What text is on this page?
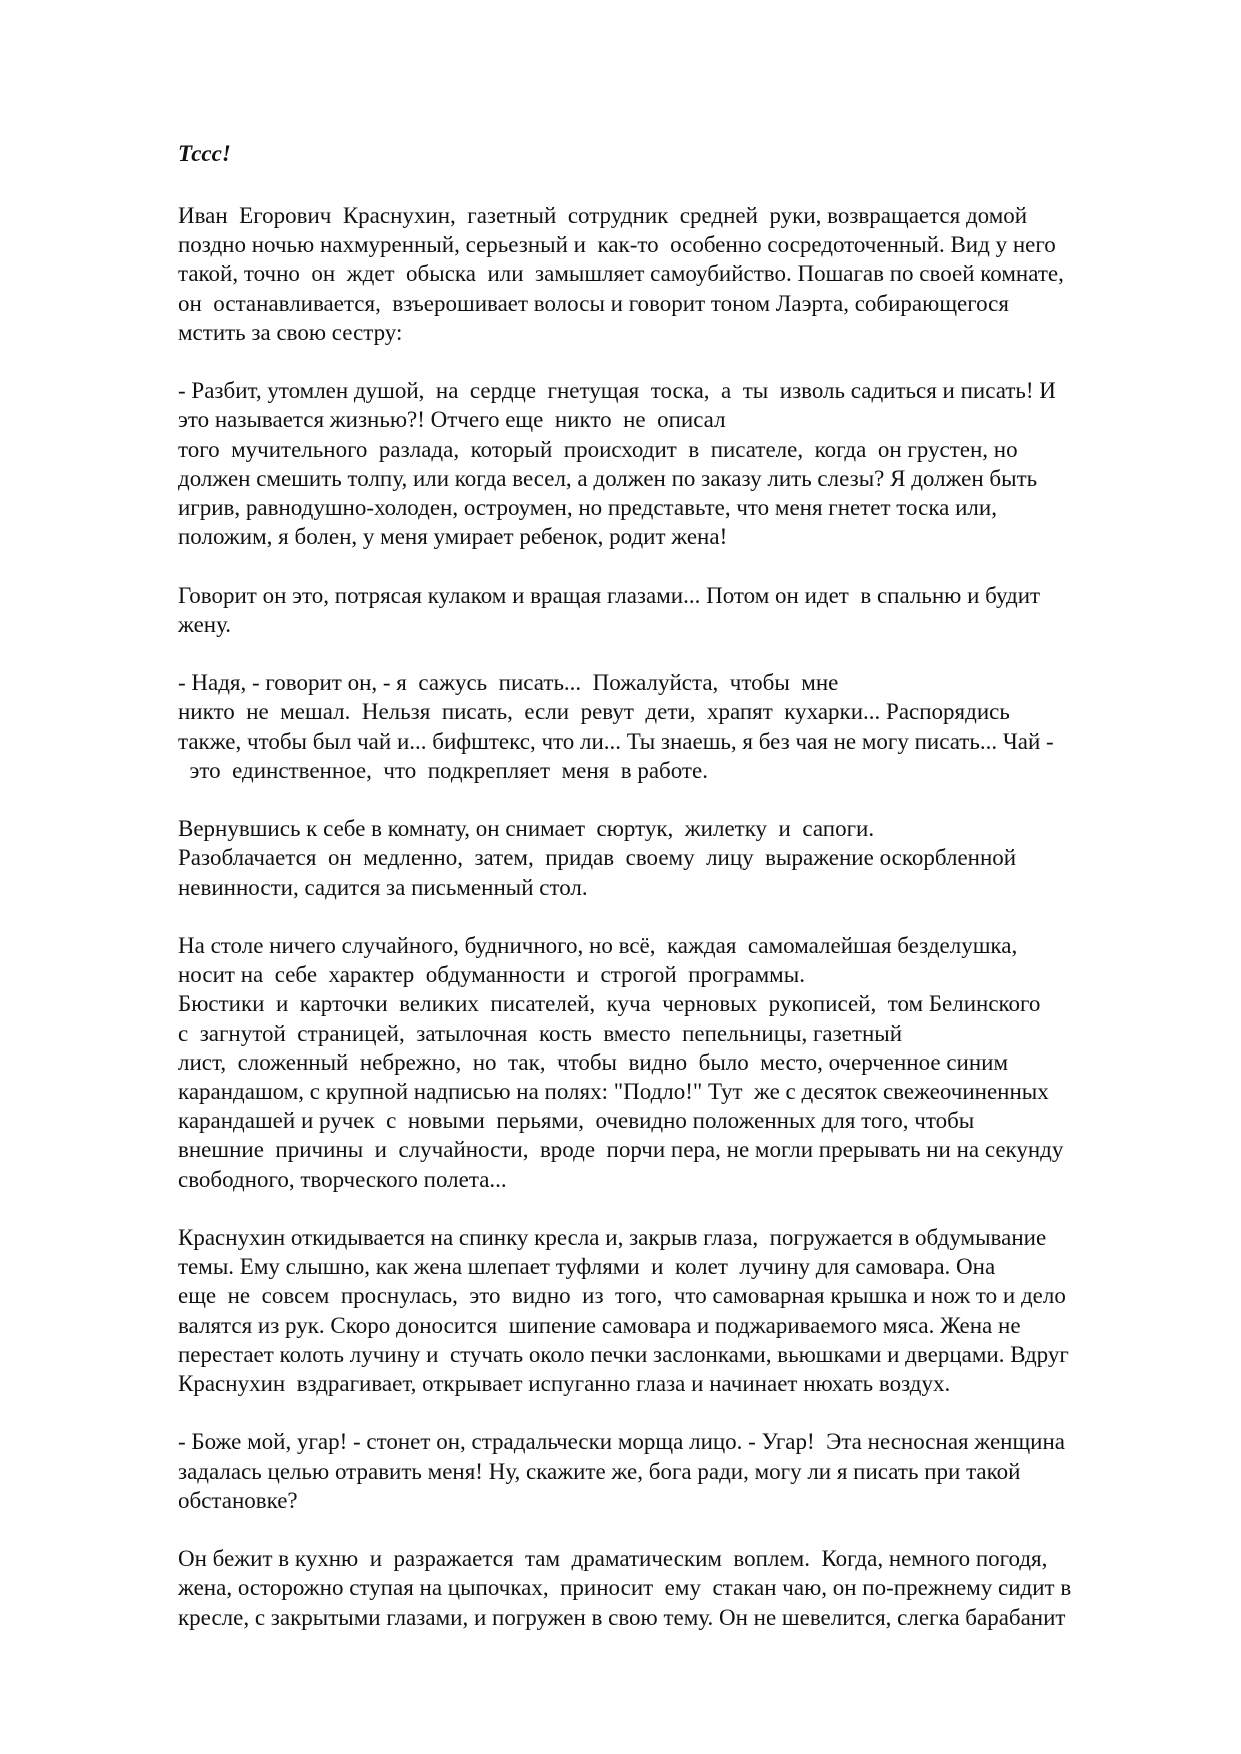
Тссс!

Иван  Егорович  Краснухин,  газетный  сотрудник  средней  руки, возвращается домой
поздно ночью нахмуренный, серьезный и  как-то  особенно сосредоточенный. Вид у него
такой, точно  он  ждет  обыска  или  замышляет самоубийство. Пошагав по своей комнате,
он  останавливается,  взъерошивает волосы и говорит тоном Лаэрта, собирающегося
мстить за свою сестру:

- Разбит, утомлен душой,  на  сердце  гнетущая  тоска,  а  ты  изволь садиться и писать! И
это называется жизнью?! Отчего еще  никто  не  описал
того  мучительного  разлада,  который  происходит  в  писателе,  когда  он грустен, но
должен смешить толпу, или когда весел, а должен по заказу лить слезы? Я должен быть
игрив, равнодушно-холоден, остроумен, но представьте, что меня гнетет тоска или,
положим, я болен, у меня умирает ребенок, родит жена!

Говорит он это, потрясая кулаком и вращая глазами... Потом он идет  в спальню и будит
жену.

- Надя, - говорит он, - я  сажусь  писать...  Пожалуйста,  чтобы  мне
никто  не  мешал.  Нельзя  писать,  если  ревут  дети,  храпят  кухарки... Распорядись
также, чтобы был чай и... бифштекс, что ли... Ты знаешь, я без чая не могу писать... Чай -
это  единственное,  что  подкрепляет  меня  в работе.

Вернувшись к себе в комнату, он снимает  сюртук,  жилетку  и  сапоги.
Разоблачается  он  медленно,  затем,  придав  своему  лицу  выражение оскорбленной
невинности, садится за письменный стол.

На столе ничего случайного, будничного, но всё,  каждая  самомалейшая безделушка,
носит на  себе  характер  обдуманности  и  строгой  программы.
Бюстики  и  карточки  великих  писателей,  куча  черновых  рукописей,  том Белинского
с  загнутой  страницей,  затылочная  кость  вместо  пепельницы, газетный
лист,  сложенный  небрежно,  но  так,  чтобы  видно  было  место, очерченное синим
карандашом, с крупной надписью на полях: "Подло!" Тут  же с десяток свежеочиненных
карандашей и ручек  с  новыми  перьями,  очевидно положенных для того, чтобы
внешние  причины  и  случайности,  вроде  порчи пера, не могли прерывать ни на секунду
свободного, творческого полета...

Краснухин откидывается на спинку кресла и, закрыв глаза,  погружается в обдумывание
темы. Ему слышно, как жена шлепает туфлями  и  колет  лучину для самовара. Она
еще  не  совсем  проснулась,  это  видно  из  того,  что самоварная крышка и нож то и дело
валятся из рук. Скоро доносится  шипение самовара и поджариваемого мяса. Жена не
перестает колоть лучину и  стучать около печки заслонками, вьюшками и дверцами. Вдруг
Краснухин  вздрагивает, открывает испуганно глаза и начинает нюхать воздух.

- Боже мой, угар! - стонет он, страдальчески морща лицо. - Угар!  Эта несносная женщина
задалась целью отравить меня! Ну, скажите же, бога ради, могу ли я писать при такой
обстановке?

Он бежит в кухню  и  разражается  там  драматическим  воплем.  Когда, немного погодя,
жена, осторожно ступая на цыпочках,  приносит  ему  стакан чаю, он по-прежнему сидит в
кресле, с закрытыми глазами, и погружен в свою тему. Он не шевелится, слегка барабанит
